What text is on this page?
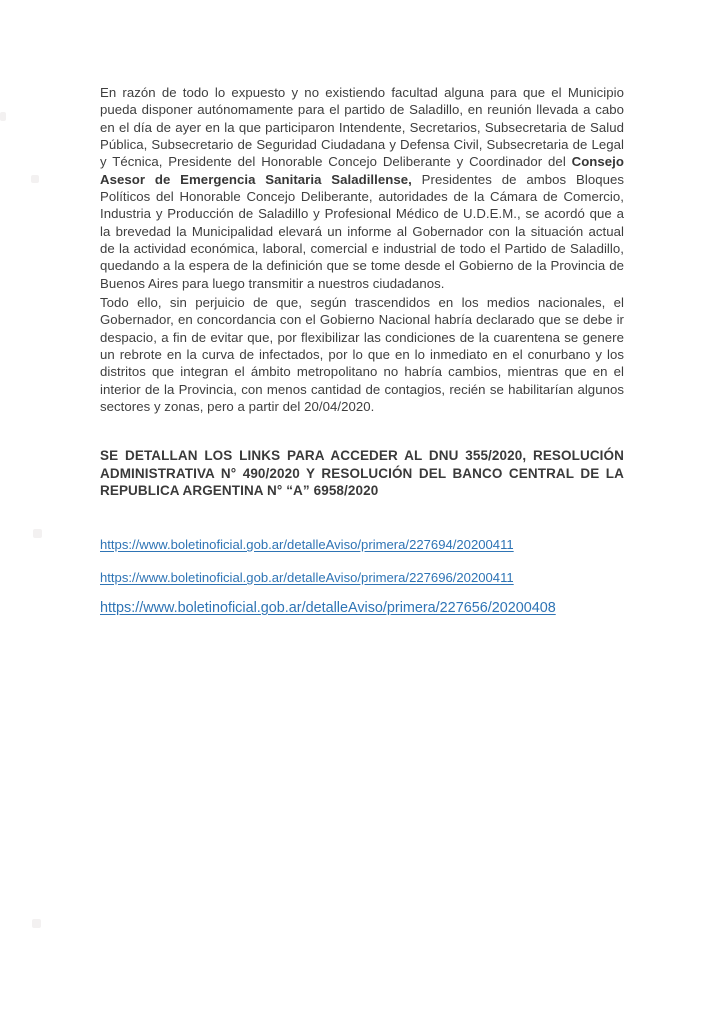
En razón de todo lo expuesto y no existiendo facultad alguna para que el Municipio pueda disponer autónomamente para el partido de Saladillo, en reunión llevada a cabo en el día de ayer en la que participaron Intendente, Secretarios, Subsecretaria de Salud Pública, Subsecretario de Seguridad Ciudadana y Defensa Civil, Subsecretaria de Legal y Técnica, Presidente del Honorable Concejo Deliberante y Coordinador del Consejo Asesor de Emergencia Sanitaria Saladillense, Presidentes de ambos Bloques Políticos del Honorable Concejo Deliberante, autoridades de la Cámara de Comercio, Industria y Producción de Saladillo y Profesional Médico de U.D.E.M., se acordó que a la brevedad la Municipalidad elevará un informe al Gobernador con la situación actual de la actividad económica, laboral, comercial e industrial de todo el Partido de Saladillo, quedando a la espera de la definición que se tome desde el Gobierno de la Provincia de Buenos Aires para luego transmitir a nuestros ciudadanos.

Todo ello, sin perjuicio de que, según trascendidos en los medios nacionales, el Gobernador, en concordancia con el Gobierno Nacional habría declarado que se debe ir despacio, a fin de evitar que, por flexibilizar las condiciones de la cuarentena se genere un rebrote en la curva de infectados, por lo que en lo inmediato en el conurbano y los distritos que integran el ámbito metropolitano no habría cambios, mientras que en el interior de la Provincia, con menos cantidad de contagios, recién se habilitarían algunos sectores y zonas, pero a partir del 20/04/2020.

SE DETALLAN LOS LINKS PARA ACCEDER AL DNU 355/2020, RESOLUCIÓN ADMINISTRATIVA N° 490/2020 Y RESOLUCIÓN DEL BANCO CENTRAL DE LA REPUBLICA ARGENTINA N° “A” 6958/2020

https://www.boletinoficial.gob.ar/detalleAviso/primera/227694/20200411

https://www.boletinoficial.gob.ar/detalleAviso/primera/227696/20200411

https://www.boletinoficial.gob.ar/detalleAviso/primera/227656/20200408
